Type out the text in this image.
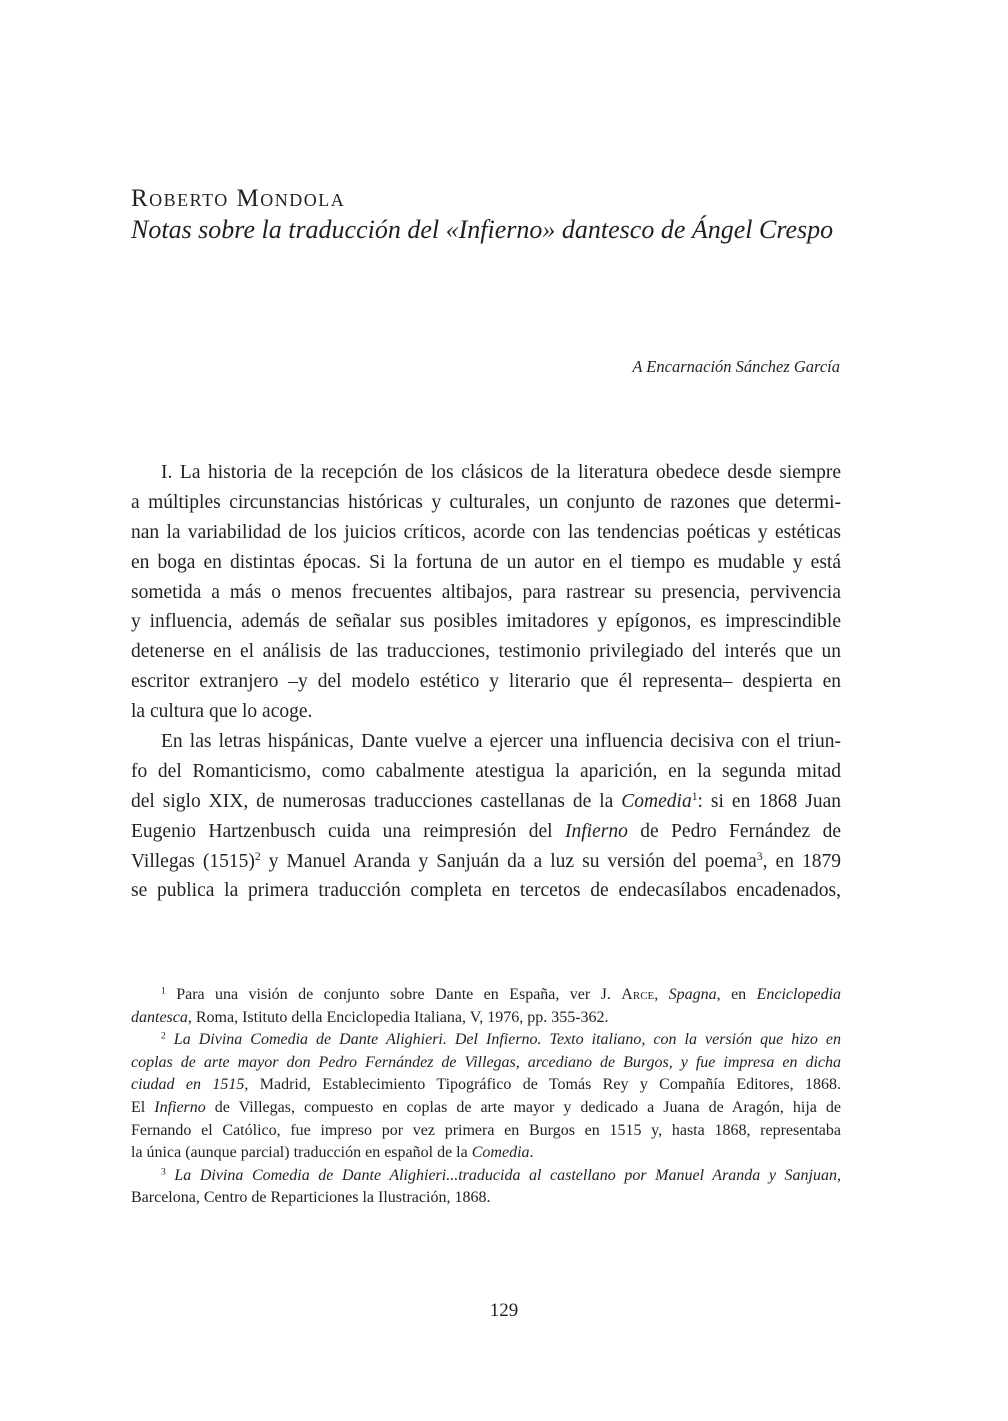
Roberto Mondola
Notas sobre la traducción del «Infierno» dantesco de Ángel Crespo
A Encarnación Sánchez García
I. La historia de la recepción de los clásicos de la literatura obedece desde siempre
a múltiples circunstancias históricas y culturales, un conjunto de razones que determi-
nan la variabilidad de los juicios críticos, acorde con las tendencias poéticas y estéticas
en boga en distintas épocas. Si la fortuna de un autor en el tiempo es mudable y está
sometida a más o menos frecuentes altibajos, para rastrear su presencia, pervivencia
y influencia, además de señalar sus posibles imitadores y epígonos, es imprescindible
detenerse en el análisis de las traducciones, testimonio privilegiado del interés que un
escritor extranjero –y del modelo estético y literario que él representa– despierta en
la cultura que lo acoge.
En las letras hispánicas, Dante vuelve a ejercer una influencia decisiva con el triun-
fo del Romanticismo, como cabalmente atestigua la aparición, en la segunda mitad
del siglo XIX, de numerosas traducciones castellanas de la Comedia$^1$: si en 1868 Juan
Eugenio Hartzenbusch cuida una reimpresión del Infierno de Pedro Fernández de
Villegas $(1515)^2$ y Manuel Aranda y Sanjuán da a luz su versión del poema$^3$, en 1879
se publica la primera traducción completa en tercetos de endecasílabos encadenados,
$^1$ Para una visión de conjunto sobre Dante en España, ver J. Arce, Spagna, en Enciclopedia
dantesca, Roma, Istituto della Enciclopedia Italiana, V, 1976, pp. 355-362.
$^2$ La Divina Comedia de Dante Alighieri. Del Infierno. Texto italiano, con la versión que hizo en
coplas de arte mayor don Pedro Fernández de Villegas, arcediano de Burgos, y fue impresa en dicha
ciudad en 1515, Madrid, Establecimiento Tipográfico de Tomás Rey y Compañía Editores, 1868.
El Infierno de Villegas, compuesto en coplas de arte mayor y dedicado a Juana de Aragón, hija de
Fernando el Católico, fue impreso por vez primera en Burgos en 1515 y, hasta 1868, representaba
la única (aunque parcial) traducción en español de la Comedia.
$^3$ La Divina Comedia de Dante Alighieri...traducida al castellano por Manuel Aranda y Sanjuan,
Barcelona, Centro de Reparticiones la Ilustración, 1868.
129
